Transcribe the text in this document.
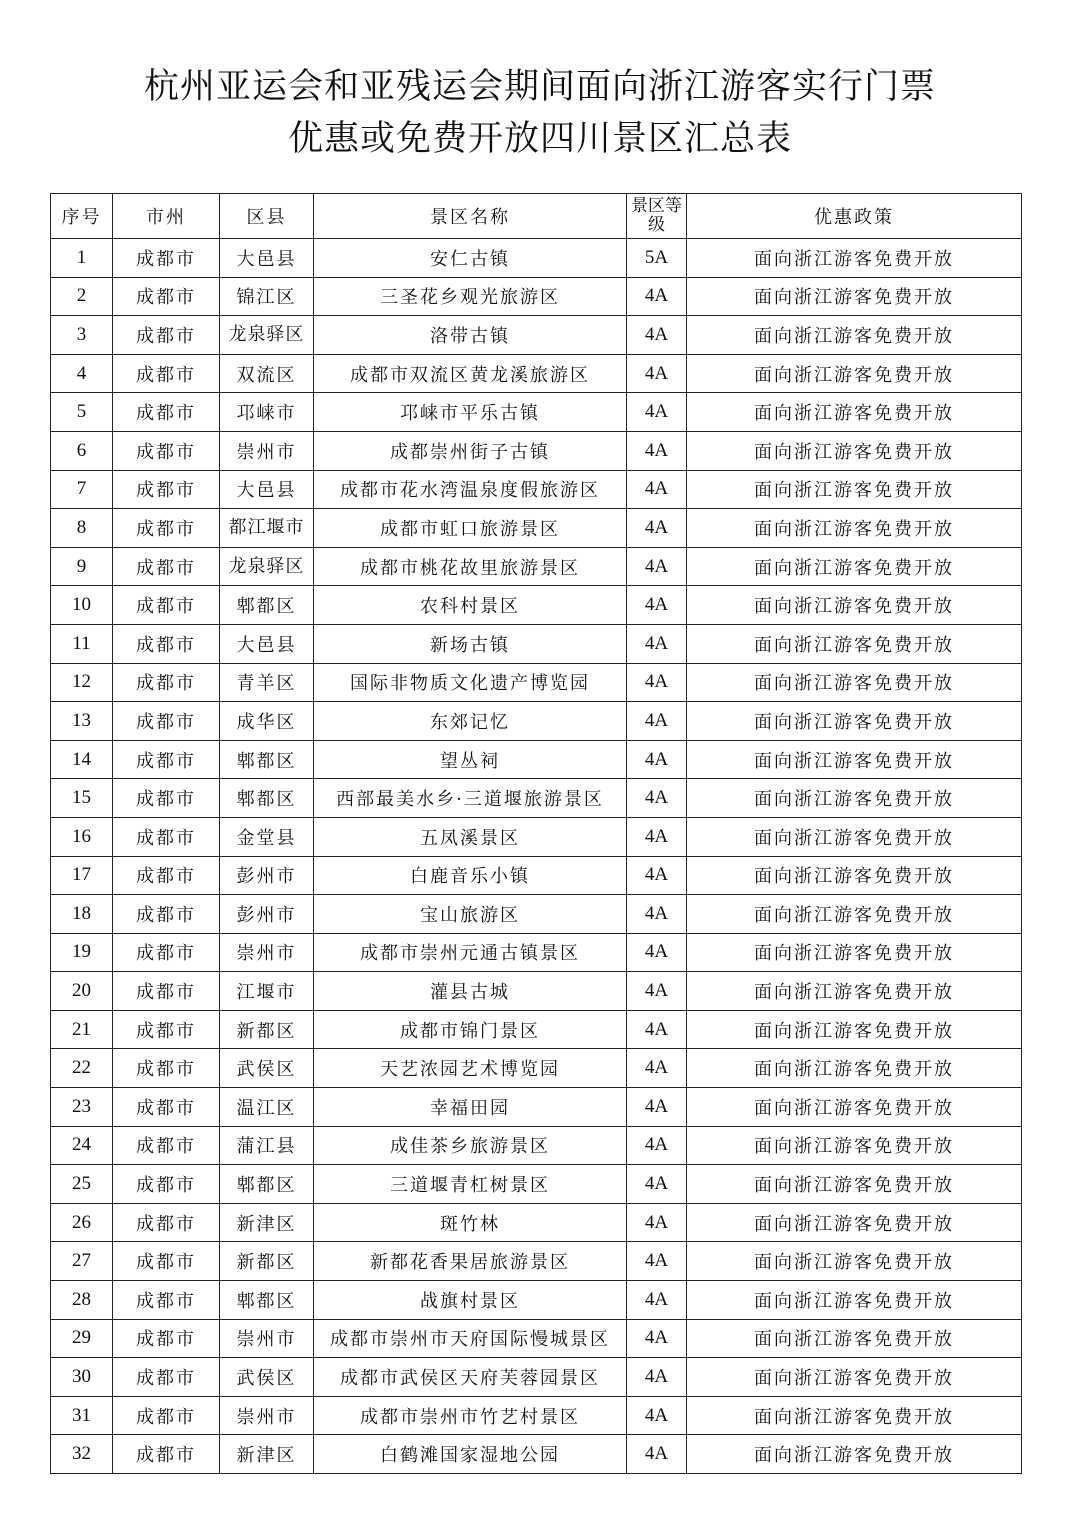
杭州亚运会和亚残运会期间面向浙江游客实行门票
优惠或免费开放四川景区汇总表
序号	市州	区县	景区名称	景区等级	优惠政策
1	成都市	大邑县	安仁古镇	5A	面向浙江游客免费开放
2	成都市	锦江区	三圣花乡观光旅游区	4A	面向浙江游客免费开放
3	成都市	龙泉驿区	洛带古镇	4A	面向浙江游客免费开放
4	成都市	双流区	成都市双流区黄龙溪旅游区	4A	面向浙江游客免费开放
5	成都市	邛崃市	邛崃市平乐古镇	4A	面向浙江游客免费开放
6	成都市	崇州市	成都崇州街子古镇	4A	面向浙江游客免费开放
7	成都市	大邑县	成都市花水湾温泉度假旅游区	4A	面向浙江游客免费开放
8	成都市	都江堰市	成都市虹口旅游景区	4A	面向浙江游客免费开放
9	成都市	龙泉驿区	成都市桃花故里旅游景区	4A	面向浙江游客免费开放
10	成都市	郫都区	农科村景区	4A	面向浙江游客免费开放
11	成都市	大邑县	新场古镇	4A	面向浙江游客免费开放
12	成都市	青羊区	国际非物质文化遗产博览园	4A	面向浙江游客免费开放
13	成都市	成华区	东郊记忆	4A	面向浙江游客免费开放
14	成都市	郫都区	望丛祠	4A	面向浙江游客免费开放
15	成都市	郫都区	西部最美水乡·三道堰旅游景区	4A	面向浙江游客免费开放
16	成都市	金堂县	五凤溪景区	4A	面向浙江游客免费开放
17	成都市	彭州市	白鹿音乐小镇	4A	面向浙江游客免费开放
18	成都市	彭州市	宝山旅游区	4A	面向浙江游客免费开放
19	成都市	崇州市	成都市崇州元通古镇景区	4A	面向浙江游客免费开放
20	成都市	江堰市	灌县古城	4A	面向浙江游客免费开放
21	成都市	新都区	成都市锦门景区	4A	面向浙江游客免费开放
22	成都市	武侯区	天艺浓园艺术博览园	4A	面向浙江游客免费开放
23	成都市	温江区	幸福田园	4A	面向浙江游客免费开放
24	成都市	蒲江县	成佳茶乡旅游景区	4A	面向浙江游客免费开放
25	成都市	郫都区	三道堰青杠树景区	4A	面向浙江游客免费开放
26	成都市	新津区	斑竹林	4A	面向浙江游客免费开放
27	成都市	新都区	新都花香果居旅游景区	4A	面向浙江游客免费开放
28	成都市	郫都区	战旗村景区	4A	面向浙江游客免费开放
29	成都市	崇州市	成都市崇州市天府国际慢城景区	4A	面向浙江游客免费开放
30	成都市	武侯区	成都市武侯区天府芙蓉园景区	4A	面向浙江游客免费开放
31	成都市	崇州市	成都市崇州市竹艺村景区	4A	面向浙江游客免费开放
32	成都市	新津区	白鹤滩国家湿地公园	4A	面向浙江游客免费开放
